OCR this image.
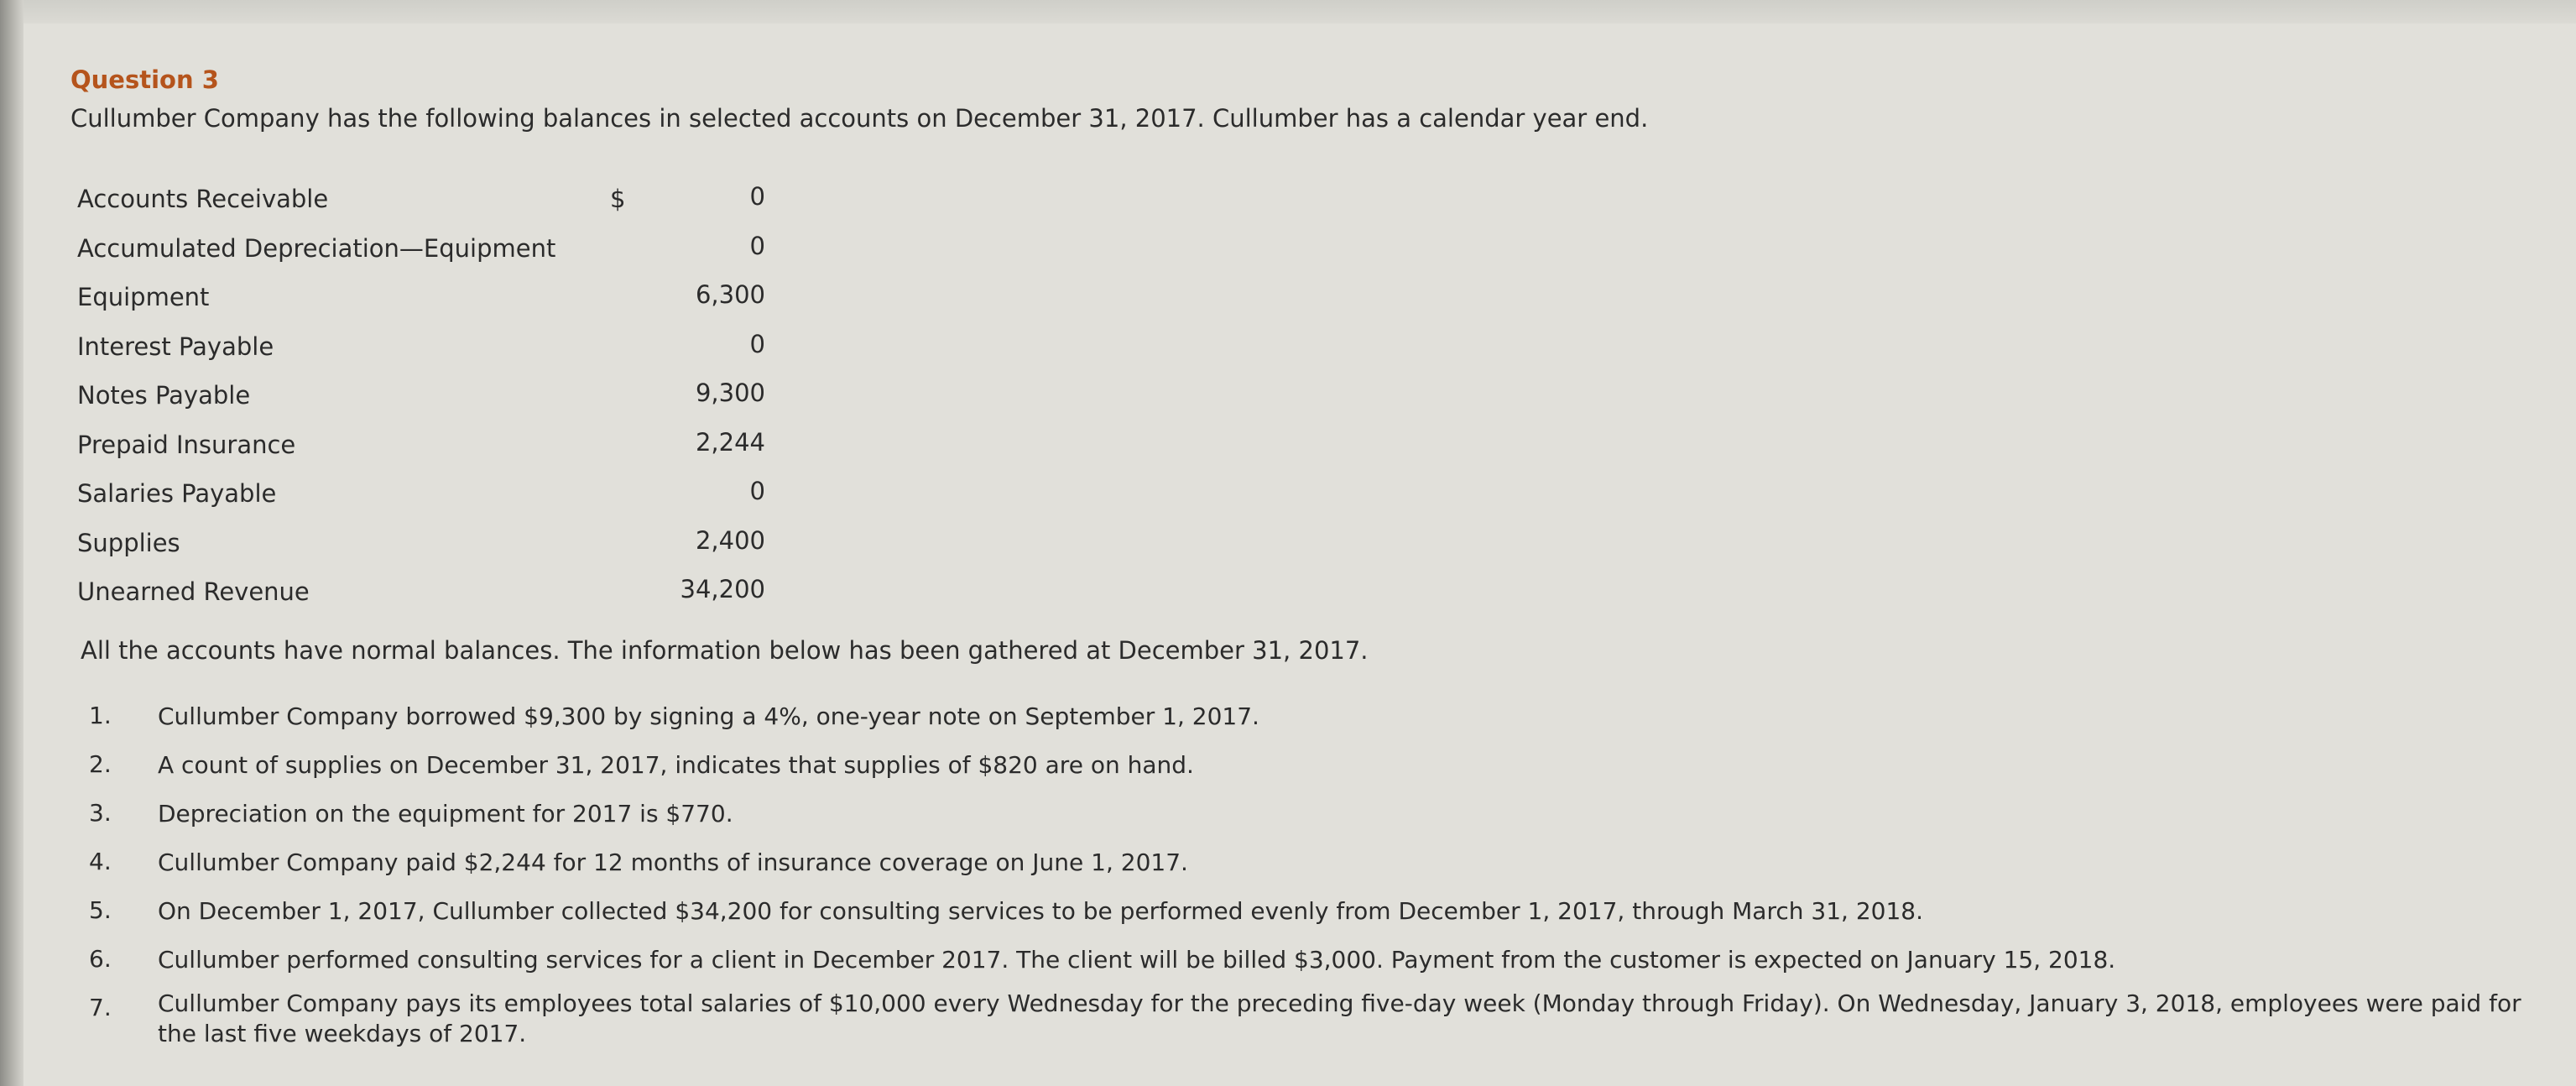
Question 3
Cullumber Company has the following balances in selected accounts on December 31, 2017. Cullumber has a calendar year end.
Accounts Receivable	$	0
Accumulated Depreciation—Equipment	0
Equipment	6,300
Interest Payable	0
Notes Payable	9,300
Prepaid Insurance	2,244
Salaries Payable	0
Supplies	2,400
Unearned Revenue	34,200
All the accounts have normal balances. The information below has been gathered at December 31, 2017.
1. Cullumber Company borrowed $9,300 by signing a 4%, one-year note on September 1, 2017.
2. A count of supplies on December 31, 2017, indicates that supplies of $820 are on hand.
3. Depreciation on the equipment for 2017 is $770.
4. Cullumber Company paid $2,244 for 12 months of insurance coverage on June 1, 2017.
5. On December 1, 2017, Cullumber collected $34,200 for consulting services to be performed evenly from December 1, 2017, through March 31, 2018.
6. Cullumber performed consulting services for a client in December 2017. The client will be billed $3,000. Payment from the customer is expected on January 15, 2018.
7. Cullumber Company pays its employees total salaries of $10,000 every Wednesday for the preceding five-day week (Monday through Friday). On Wednesday, January 3, 2018, employees were paid for the last five weekdays of 2017.
